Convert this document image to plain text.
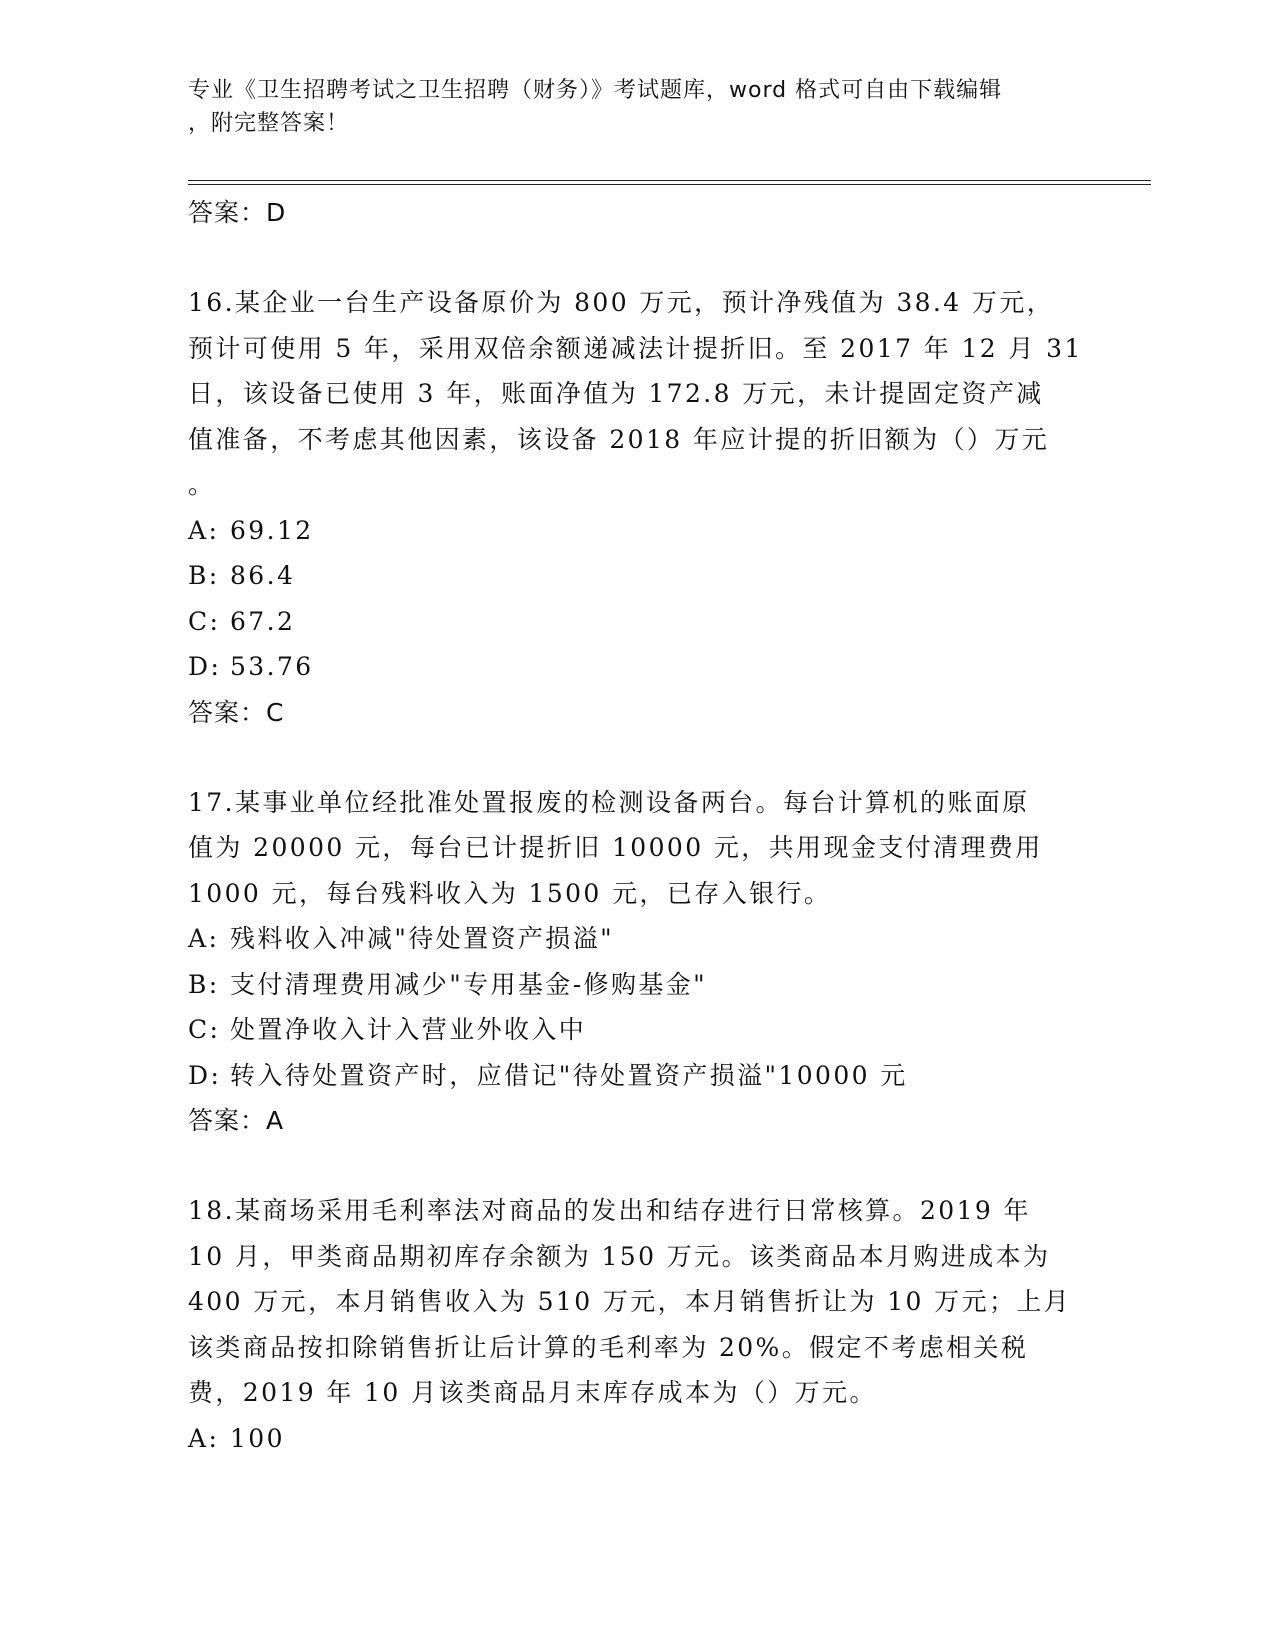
专业《卫生招聘考试之卫生招聘（财务）》考试题库，word 格式可自由下载编辑
，附完整答案！
答案：D
16.某企业一台生产设备原价为 800 万元，预计净残值为 38.4 万元，
预计可使用 5 年，采用双倍余额递减法计提折旧。至 2017 年 12 月 31
日，该设备已使用 3 年，账面净值为 172.8 万元，未计提固定资产减
值准备，不考虑其他因素，该设备 2018 年应计提的折旧额为（）万元
。
A: 69.12
B: 86.4
C: 67.2
D: 53.76
答案：C
17.某事业单位经批准处置报废的检测设备两台。每台计算机的账面原
值为 20000 元，每台已计提折旧 10000 元，共用现金支付清理费用
1000 元，每台残料收入为 1500 元，已存入银行。
A: 残料收入冲减"待处置资产损溢"
B: 支付清理费用减少"专用基金-修购基金"
C: 处置净收入计入营业外收入中
D: 转入待处置资产时，应借记"待处置资产损溢"10000 元
答案：A
18.某商场采用毛利率法对商品的发出和结存进行日常核算。2019 年
10 月，甲类商品期初库存余额为 150 万元。该类商品本月购进成本为
400 万元，本月销售收入为 510 万元，本月销售折让为 10 万元；上月
该类商品按扣除销售折让后计算的毛利率为 20%。假定不考虑相关税
费，2019 年 10 月该类商品月末库存成本为（）万元。
A: 100
